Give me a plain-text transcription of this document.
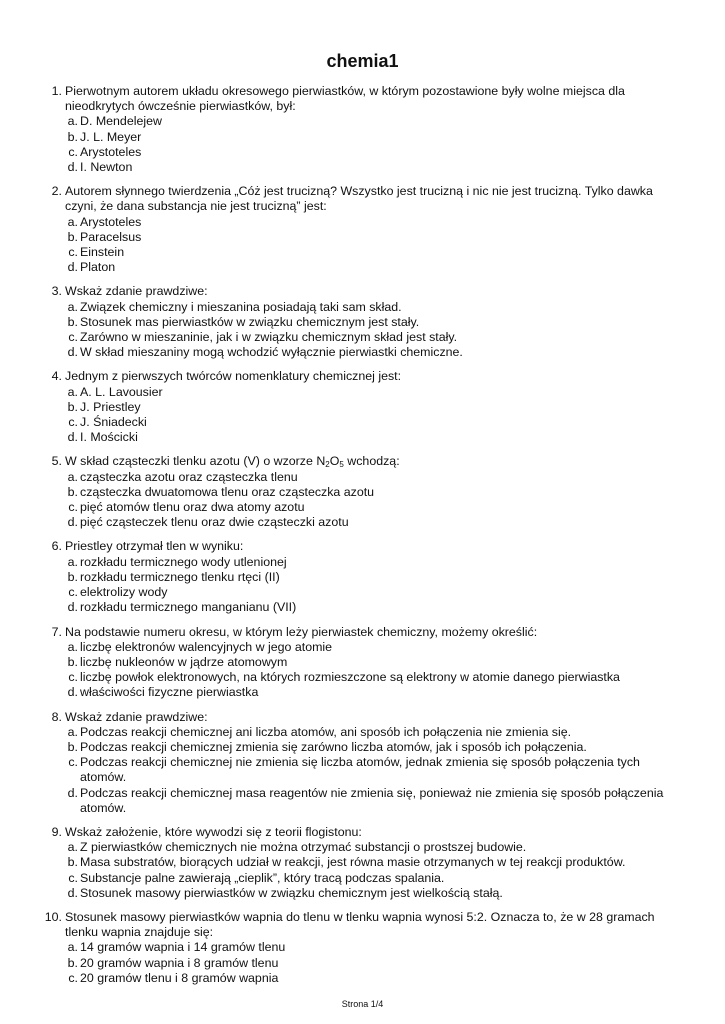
chemia1
1. Pierwotnym autorem układu okresowego pierwiastków, w którym pozostawione były wolne miejsca dla nieodkrytych ówcześnie pierwiastków, był:
a. D. Mendelejew
b. J. L. Meyer
c. Arystoteles
d. I. Newton
2. Autorem słynnego twierdzenia „Cóż jest trucizną? Wszystko jest trucizną i nic nie jest trucizną. Tylko dawka czyni, że dana substancja nie jest trucizną” jest:
a. Arystoteles
b. Paracelsus
c. Einstein
d. Platon
3. Wskaż zdanie prawdziwe:
a. Związek chemiczny i mieszanina posiadają taki sam skład.
b. Stosunek mas pierwiastków w związku chemicznym jest stały.
c. Zarówno w mieszaninie, jak i w związku chemicznym skład jest stały.
d. W skład mieszaniny mogą wchodzić wyłącznie pierwiastki chemiczne.
4. Jednym z pierwszych twórców nomenklatury chemicznej jest:
a. A. L. Lavousier
b. J. Priestley
c. J. Śniadecki
d. I. Mościcki
5. W skład cząsteczki tlenku azotu (V) o wzorze $N_2O_5$ wchodzą:
a. cząsteczka azotu oraz cząsteczka tlenu
b. cząsteczka dwuatomowa tlenu oraz cząsteczka azotu
c. pięć atomów tlenu oraz dwa atomy azotu
d. pięć cząsteczek tlenu oraz dwie cząsteczki azotu
6. Priestley otrzymał tlen w wyniku:
a. rozkładu termicznego wody utlenionej
b. rozkładu termicznego tlenku rtęci (II)
c. elektrolizy wody
d. rozkładu termicznego manganianu (VII)
7. Na podstawie numeru okresu, w którym leży pierwiastek chemiczny, możemy określić:
a. liczbę elektronów walencyjnych w jego atomie
b. liczbę nukleonów w jądrze atomowym
c. liczbę powłok elektronowych, na których rozmieszczone są elektrony w atomie danego pierwiastka
d. właściwości fizyczne pierwiastka
8. Wskaż zdanie prawdziwe:
a. Podczas reakcji chemicznej ani liczba atomów, ani sposób ich połączenia nie zmienia się.
b. Podczas reakcji chemicznej zmienia się zarówno liczba atomów, jak i sposób ich połączenia.
c. Podczas reakcji chemicznej nie zmienia się liczba atomów, jednak zmienia się sposób połączenia tych atomów.
d. Podczas reakcji chemicznej masa reagentów nie zmienia się, ponieważ nie zmienia się sposób połączenia atomów.
9. Wskaż założenie, które wywodzi się z teorii flogistonu:
a. Z pierwiastków chemicznych nie można otrzymać substancji o prostszej budowie.
b. Masa substratów, biorących udział w reakcji, jest równa masie otrzymanych w tej reakcji produktów.
c. Substancje palne zawierają „cieplik”, który tracą podczas spalania.
d. Stosunek masowy pierwiastków w związku chemicznym jest wielkością stałą.
10. Stosunek masowy pierwiastków wapnia do tlenu w tlenku wapnia wynosi 5:2. Oznacza to, że w 28 gramach tlenku wapnia znajduje się:
a. 14 gramów wapnia i 14 gramów tlenu
b. 20 gramów wapnia i 8 gramów tlenu
c. 20 gramów tlenu i 8 gramów wapnia
Strona 1/4
